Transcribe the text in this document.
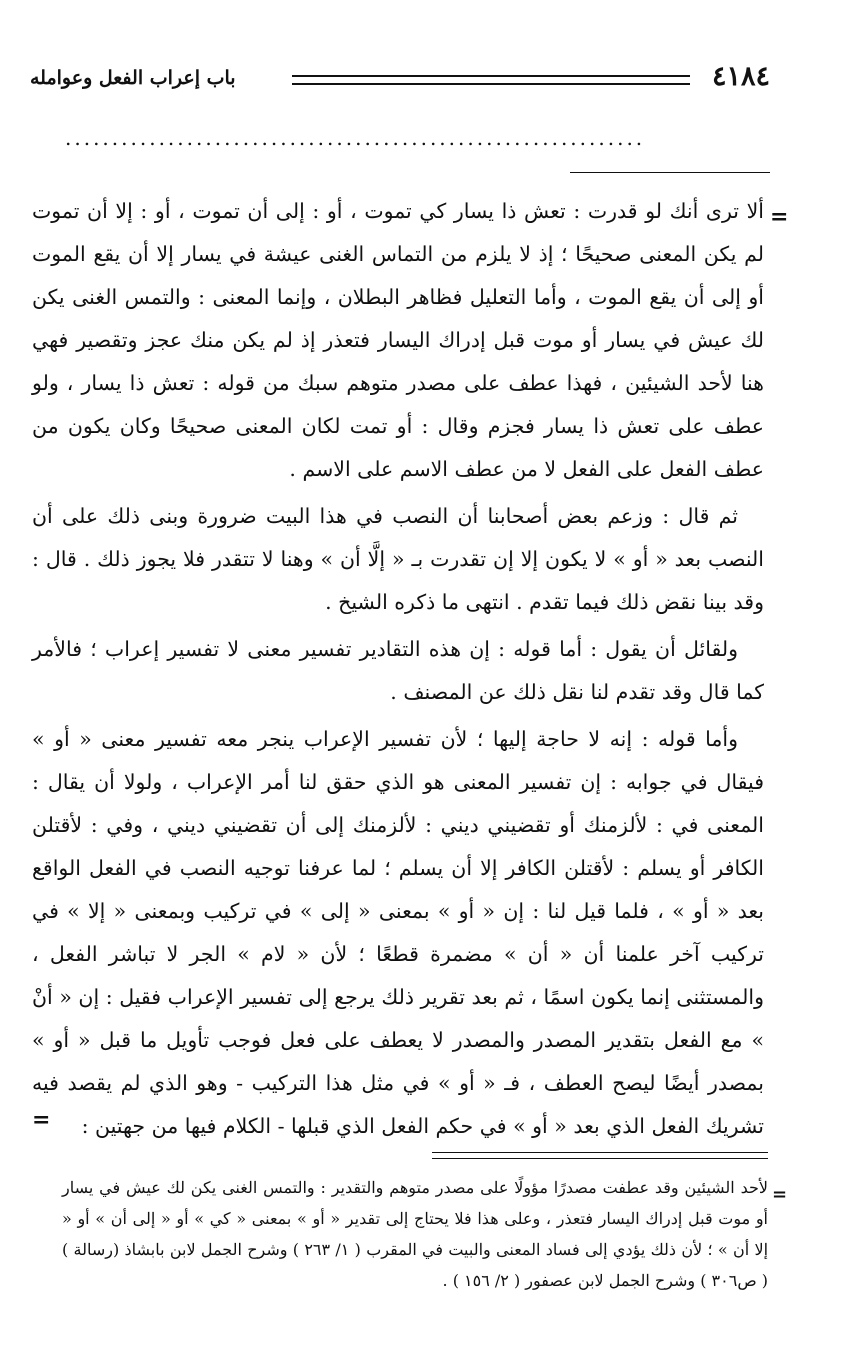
٤١٨٤
باب إعراب الفعل وعوامله
..............................................................
=

ألا ترى أنك لو قدرت : تعش ذا يسار كي تموت ، أو : إلى أن تموت ، أو : إلا أن تموت لم يكن المعنى صحيحًا ؛ إذ لا يلزم من التماس الغنى عيشة في يسار إلا أن يقع الموت أو إلى أن يقع الموت ، وأما التعليل فظاهر البطلان ، وإنما المعنى : والتمس الغنى يكن لك عيش في يسار أو موت قبل إدراك اليسار فتعذر إذ لم يكن منك عجز وتقصير فهي هنا لأحد الشيئين ، فهذا عطف على مصدر متوهم سبك من قوله : تعش ذا يسار ، ولو عطف على تعش ذا يسار فجزم وقال : أو تمت لكان المعنى صحيحًا وكان يكون من عطف الفعل على الفعل لا من عطف الاسم على الاسم .

ثم قال : وزعم بعض أصحابنا أن النصب في هذا البيت ضرورة وبنى ذلك على أن النصب بعد « أو » لا يكون إلا إن تقدرت بـ « إلَّا أن » وهنا لا تتقدر فلا يجوز ذلك . قال : وقد بينا نقض ذلك فيما تقدم . انتهى ما ذكره الشيخ .

ولقائل أن يقول : أما قوله : إن هذه التقادير تفسير معنى لا تفسير إعراب ؛ فالأمر كما قال وقد تقدم لنا نقل ذلك عن المصنف .

وأما قوله : إنه لا حاجة إليها ؛ لأن تفسير الإعراب ينجر معه تفسير معنى « أو » فيقال في جوابه : إن تفسير المعنى هو الذي حقق لنا أمر الإعراب ، ولولا أن يقال : المعنى في : لألزمنك أو تقضيني ديني : لألزمنك إلى أن تقضيني ديني ، وفي : لأقتلن الكافر أو يسلم : لأقتلن الكافر إلا أن يسلم ؛ لما عرفنا توجيه النصب في الفعل الواقع بعد « أو » ، فلما قيل لنا : إن « أو » بمعنى « إلى » في تركيب وبمعنى « إلا » في تركيب آخر علمنا أن « أن » مضمرة قطعًا ؛ لأن « لام » الجر لا تباشر الفعل ، والمستثنى إنما يكون اسمًا ، ثم بعد تقرير ذلك يرجع إلى تفسير الإعراب فقيل : إن « أنْ » مع الفعل بتقدير المصدر والمصدر لا يعطف على فعل فوجب تأويل ما قبل « أو » بمصدر أيضًا ليصح العطف ، فـ « أو » في مثل هذا التركيب - وهو الذي لم يقصد فيه تشريك الفعل الذي بعد « أو » في حكم الفعل الذي قبلها - الكلام فيها من جهتين :

=
=

لأحد الشيئين وقد عطفت مصدرًا مؤولًا على مصدر متوهم والتقدير : والتمس الغنى يكن لك عيش في يسار أو موت قبل إدراك اليسار فتعذر ، وعلى هذا فلا يحتاج إلى تقدير « أو » بمعنى « كي » أو « إلى أن » أو « إلا أن » ؛ لأن ذلك يؤدي إلى فساد المعنى والبيت في المقرب ( ١/ ٢٦٣ ) وشرح الجمل لابن بابشاذ (رسالة ) ( ص٣٠٦ ) وشرح الجمل لابن عصفور ( ٢/ ١٥٦ ) .
